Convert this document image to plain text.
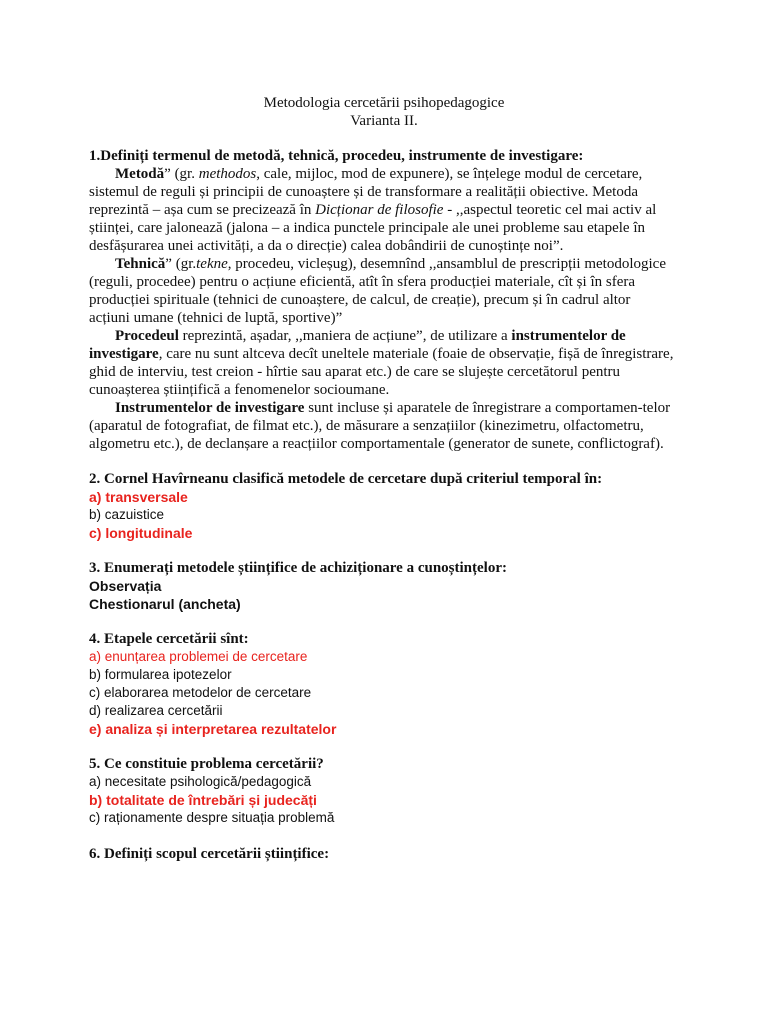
Metodologia cercetării psihopedagogice
Varianta II.
1.Definiți termenul de metodă, tehnică, procedeu, instrumente de investigare:
Metodă” (gr. methodos, cale, mijloc, mod de expunere), se înțelege modul de cercetare,
sistemul de reguli și principii de cunoaștere și de transformare a realității obiective. Metoda
reprezintă – așa cum se precizează în Dicționar de filosofie - ,,aspectul teoretic cel mai activ al
științei, care jalonează (jalona – a indica punctele principale ale unei probleme sau etapele în
desfășurarea unei activități, a da o direcție) calea dobândirii de cunoștințe noi”.
Tehnică” (gr.tekne, procedeu, vicleșug), desemnînd ,,ansamblul de prescripții metodologice
(reguli, procedee) pentru o acțiune eficientă, atît în sfera producției materiale, cît și în sfera
producției spirituale (tehnici de cunoaștere, de calcul, de creație), precum și în cadrul altor
acțiuni umane (tehnici de luptă, sportive)”
Procedeul reprezintă, așadar, ,,maniera de acțiune”, de utilizare a instrumentelor de
investigare, care nu sunt altceva decît uneltele materiale (foaie de observație, fișă de înregistrare,
ghid de interviu, test creion - hîrtie sau aparat etc.) de care se slujește cercetătorul pentru
cunoașterea științifică a fenomenelor socioumane.
Instrumentelor de investigare sunt incluse și aparatele de înregistrare a comportamen-telor
(aparatul de fotografiat, de filmat etc.), de măsurare a senzațiilor (kinezimetru, olfactometru,
algometru etc.), de declanșare a reacțiilor comportamentale (generator de sunete, conflictograf).
2. Cornel Havîrneanu clasifică metodele de cercetare după criteriul temporal în:
a) transversale
b) cazuistice
c) longitudinale
3. Enumerați metodele științifice de achiziționare a cunoștințelor:
Observația
Chestionarul (ancheta)
4. Etapele cercetării sînt:
a) enunțarea problemei de cercetare
b) formularea ipotezelor
c) elaborarea metodelor de cercetare
d) realizarea cercetării
e) analiza și interpretarea rezultatelor
5. Ce constituie problema cercetării?
a) necesitate psihologică/pedagogică
b) totalitate de întrebări și judecăți
c) raționamente despre situația problemă
6. Definiți scopul cercetării științifice:
